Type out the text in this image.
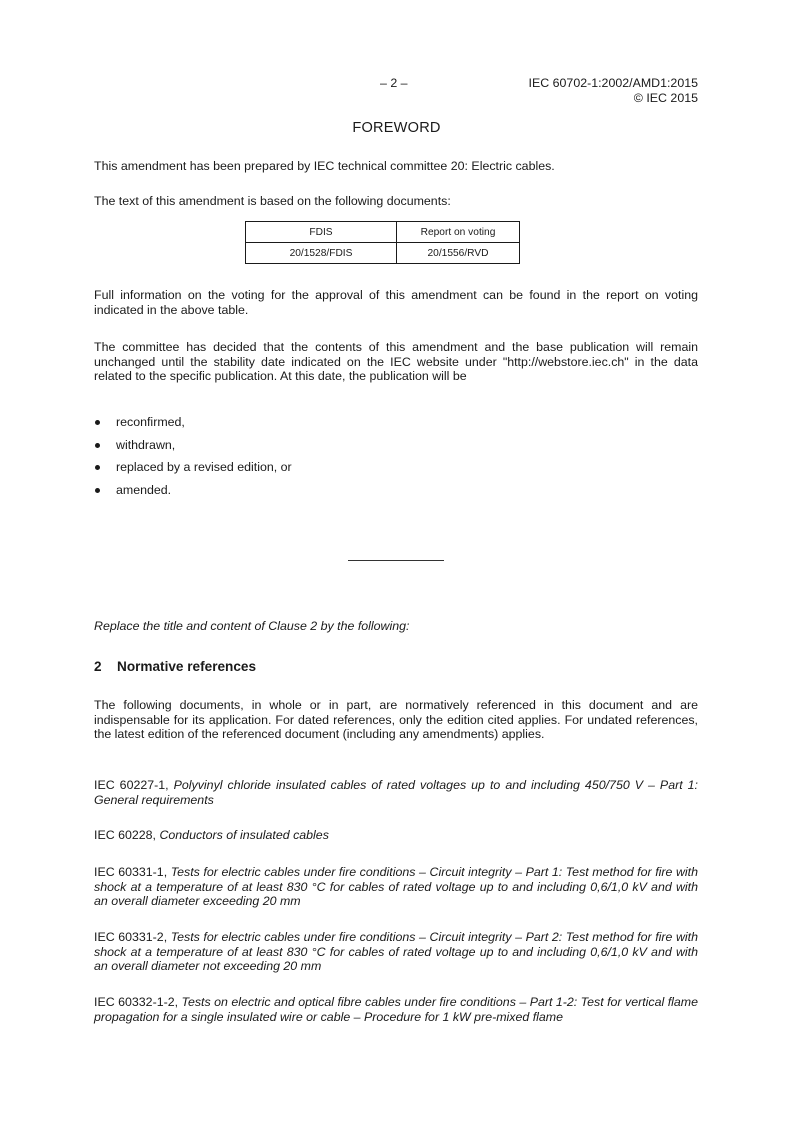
– 2 –	IEC 60702-1:2002/AMD1:2015
© IEC 2015
FOREWORD

This amendment has been prepared by IEC technical committee 20: Electric cables.

The text of this amendment is based on the following documents:

FDIS	Report on voting
20/1528/FDIS	20/1556/RVD

Full information on the voting for the approval of this amendment can be found in the report on voting indicated in the above table.

The committee has decided that the contents of this amendment and the base publication will remain unchanged until the stability date indicated on the IEC website under "http://webstore.iec.ch" in the data related to the specific publication. At this date, the publication will be

reconfirmed,
withdrawn,
replaced by a revised edition, or
amended.
Replace the title and content of Clause 2 by the following:
2 Normative references

The following documents, in whole or in part, are normatively referenced in this document and are indispensable for its application. For dated references, only the edition cited applies. For undated references, the latest edition of the referenced document (including any amendments) applies.

IEC 60227-1, Polyvinyl chloride insulated cables of rated voltages up to and including 450/750 V – Part 1: General requirements

IEC 60228, Conductors of insulated cables

IEC 60331-1, Tests for electric cables under fire conditions – Circuit integrity – Part 1: Test method for fire with shock at a temperature of at least 830 °C for cables of rated voltage up to and including 0,6/1,0 kV and with an overall diameter exceeding 20 mm

IEC 60331-2, Tests for electric cables under fire conditions – Circuit integrity – Part 2: Test method for fire with shock at a temperature of at least 830 °C for cables of rated voltage up to and including 0,6/1,0 kV and with an overall diameter not exceeding 20 mm

IEC 60332-1-2, Tests on electric and optical fibre cables under fire conditions – Part 1-2: Test for vertical flame propagation for a single insulated wire or cable – Procedure for 1 kW pre-mixed flame
